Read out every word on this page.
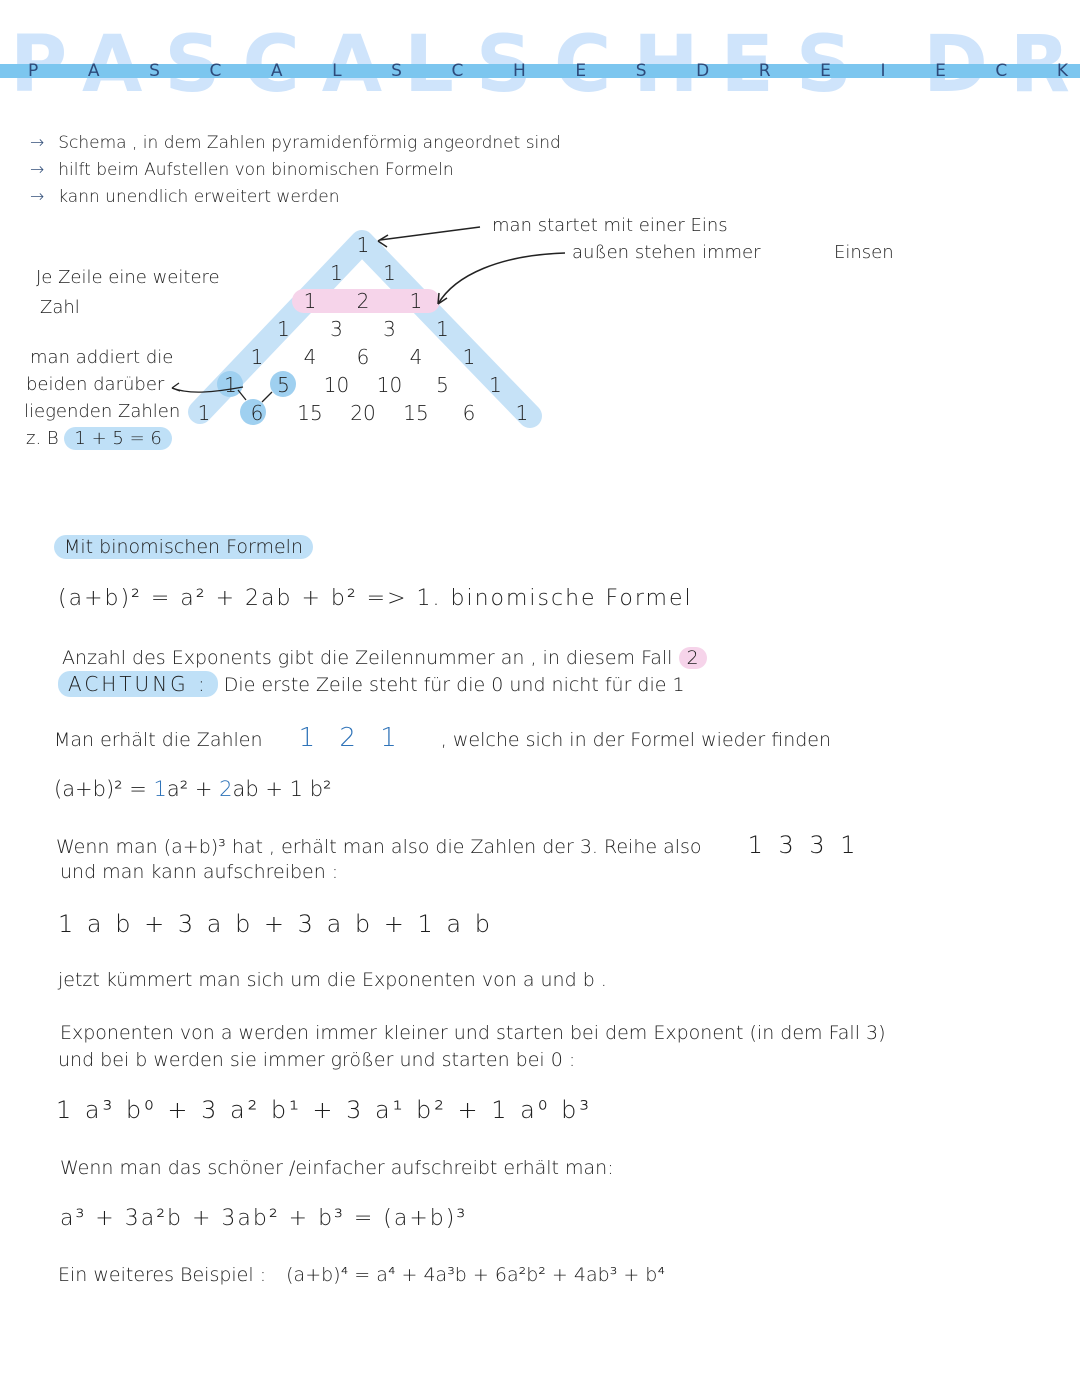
P	A	S	C	A	L	S	C	H	E	S	D	R	E	I	E	C	K
→ Schema , in dem Zahlen pyramidenförmig angeordnet sind
→ hilft beim Aufstellen von binomischen Formeln
→ kann unendlich erweitert werden
1
1 1
1 2 1
1 3 3 1
1 4 6 4 1
1 5 10 10 5 1
1 6 15 20 15 6 1
man startet mit einer Eins
außen stehen immer	Einsen
Je Zeile eine weitere
Zahl
man addiert die
beiden darüber
liegenden Zahlen
z. B 1 + 5 = 6
Mit binomischen Formeln
(a+b)² = a² + 2ab + b² => 1. binomische Formel
Anzahl des Exponents gibt die Zeilennummer an , in diesem Fall 2
ACHTUNG : Die erste Zeile steht für die 0 und nicht für die 1
Man erhält die Zahlen 1 2 1 , welche sich in der Formel wieder finden
(a+b)² = 1a² + 2ab + 1 b²
Wenn man (a+b)³ hat , erhält man also die Zahlen der 3. Reihe also 1 3 3 1
und man kann aufschreiben :
1 a b + 3 a b + 3 a b + 1 a b
jetzt kümmert man sich um die Exponenten von a und b .
Exponenten von a werden immer kleiner und starten bei dem Exponent (in dem Fall 3)
und bei b werden sie immer größer und starten bei 0 :
1 a³ b⁰ + 3 a² b¹ + 3 a¹ b² + 1 a⁰ b³
Wenn man das schöner /einfacher aufschreibt erhält man:
a³ + 3a²b + 3ab² + b³ = (a+b)³
Ein weiteres Beispiel : (a+b)⁴ = a⁴ + 4a³b + 6a²b² + 4ab³ + b⁴
